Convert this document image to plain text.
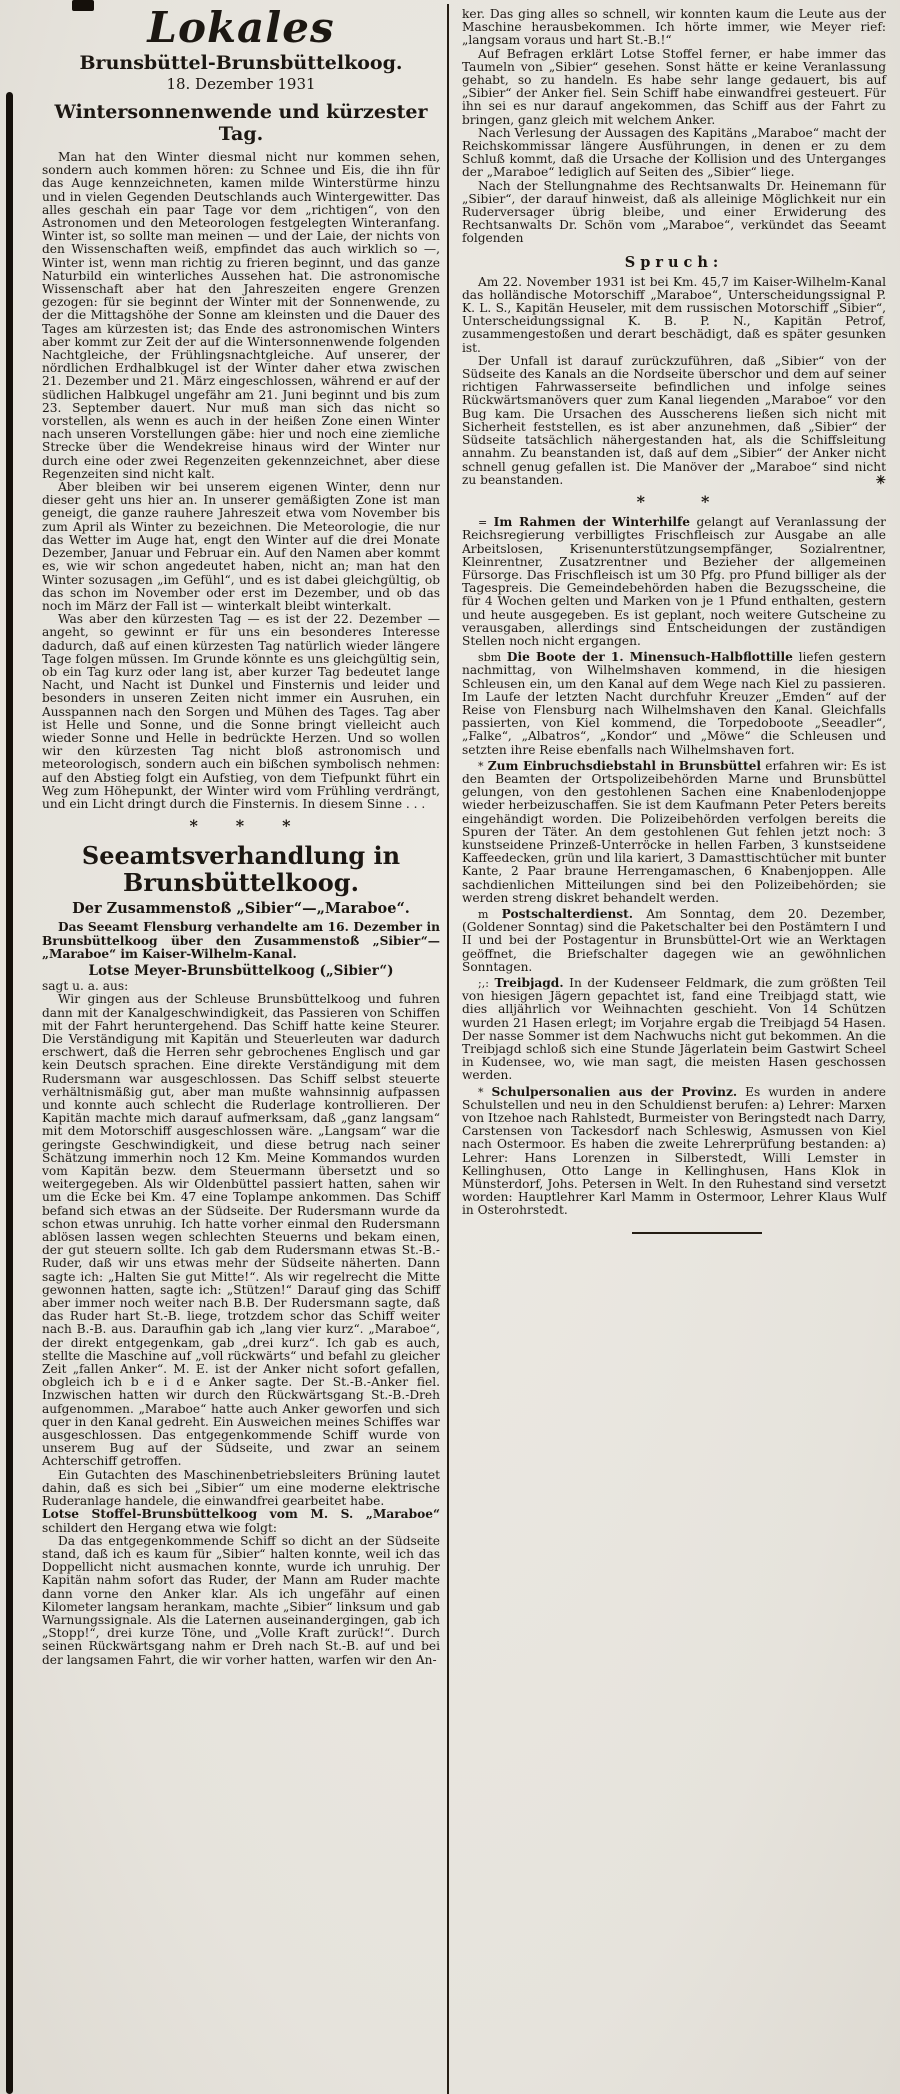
Lokales
Brunsbüttel-Brunsbüttelkoog.
18. Dezember 1931
Wintersonnenwende und kürzester Tag.

Man hat den Winter diesmal nicht nur kommen sehen, sondern auch kommen hören: zu Schnee und Eis, die ihn für das Auge kennzeichneten, kamen milde Winterstürme hinzu und in vielen Gegenden Deutschlands auch Wintergewitter. Das alles geschah ein paar Tage vor dem „richtigen“, von den Astronomen und den Meteorologen festgelegten Winteranfang. Winter ist, so sollte man meinen — und der Laie, der nichts von den Wissenschaften weiß, empfindet das auch wirklich so —, Winter ist, wenn man richtig zu frieren beginnt, und das ganze Naturbild ein winterliches Aussehen hat. Die astronomische Wissenschaft aber hat den Jahreszeiten engere Grenzen gezogen: für sie beginnt der Winter mit der Sonnenwende, zu der die Mittagshöhe der Sonne am kleinsten und die Dauer des Tages am kürzesten ist; das Ende des astronomischen Winters aber kommt zur Zeit der auf die Wintersonnenwende folgenden Nachtgleiche, der Frühlingsnachtgleiche. Auf unserer, der nördlichen Erdhalbkugel ist der Winter daher etwa zwischen 21. Dezember und 21. März eingeschlossen, während er auf der südlichen Halbkugel ungefähr am 21. Juni beginnt und bis zum 23. September dauert. Nur muß man sich das nicht so vorstellen, als wenn es auch in der heißen Zone einen Winter nach unseren Vorstellungen gäbe: hier und noch eine ziemliche Strecke über die Wendekreise hinaus wird der Winter nur durch eine oder zwei Regenzeiten gekennzeichnet, aber diese Regenzeiten sind nicht kalt.

Aber bleiben wir bei unserem eigenen Winter, denn nur dieser geht uns hier an. In unserer gemäßigten Zone ist man geneigt, die ganze rauhere Jahreszeit etwa vom November bis zum April als Winter zu bezeichnen. Die Meteorologie, die nur das Wetter im Auge hat, engt den Winter auf die drei Monate Dezember, Januar und Februar ein. Auf den Namen aber kommt es, wie wir schon angedeutet haben, nicht an; man hat den Winter sozusagen „im Gefühl“, und es ist dabei gleichgültig, ob das schon im November oder erst im Dezember, und ob das noch im März der Fall ist — winterkalt bleibt winterkalt.

Was aber den kürzesten Tag — es ist der 22. Dezember — angeht, so gewinnt er für uns ein besonderes Interesse dadurch, daß auf einen kürzesten Tag natürlich wieder längere Tage folgen müssen. Im Grunde könnte es uns gleichgültig sein, ob ein Tag kurz oder lang ist, aber kurzer Tag bedeutet lange Nacht, und Nacht ist Dunkel und Finsternis und leider und besonders in unseren Zeiten nicht immer ein Ausruhen, ein Ausspannen nach den Sorgen und Mühen des Tages. Tag aber ist Helle und Sonne, und die Sonne bringt vielleicht auch wieder Sonne und Helle in bedrückte Herzen. Und so wollen wir den kürzesten Tag nicht bloß astronomisch und meteorologisch, sondern auch ein bißchen symbolisch nehmen: auf den Abstieg folgt ein Aufstieg, von dem Tiefpunkt führt ein Weg zum Höhepunkt, der Winter wird vom Frühling verdrängt, und ein Licht dringt durch die Finsternis. In diesem Sinne . . .

*  *  *

Seeamtsverhandlung in Brunsbüttelkoog.
Der Zusammenstoß „Sibier“—„Maraboe“.

Das Seeamt Flensburg verhandelte am 16. Dezember in Brunsbüttelkoog über den Zusammenstoß „Sibier“— „Maraboe“ im Kaiser-Wilhelm-Kanal.

Lotse Meyer-Brunsbüttelkoog („Sibier“)

sagt u. a. aus:

Wir gingen aus der Schleuse Brunsbüttelkoog und fuhren dann mit der Kanalgeschwindigkeit, das Passieren von Schiffen mit der Fahrt heruntergehend. Das Schiff hatte keine Steurer. Die Verständigung mit Kapitän und Steuerleuten war dadurch erschwert, daß die Herren sehr gebrochenes Englisch und gar kein Deutsch sprachen. Eine direkte Verständigung mit dem Rudersmann war ausgeschlossen. Das Schiff selbst steuerte verhältnismäßig gut, aber man mußte wahnsinnig aufpassen und konnte auch schlecht die Ruderlage kontrollieren. Der Kapitän machte mich darauf aufmerksam, daß „ganz langsam“ mit dem Motorschiff ausgeschlossen wäre. „Langsam“ war die geringste Geschwindigkeit, und diese betrug nach seiner Schätzung immerhin noch 12 Km. Meine Kommandos wurden vom Kapitän bezw. dem Steuermann übersetzt und so weitergegeben. Als wir Oldenbüttel passiert hatten, sahen wir um die Ecke bei Km. 47 eine Toplampe ankommen. Das Schiff befand sich etwas an der Südseite. Der Rudersmann wurde da schon etwas unruhig. Ich hatte vorher einmal den Rudersmann ablösen lassen wegen schlechten Steuerns und bekam einen, der gut steuern sollte. Ich gab dem Rudersmann etwas St.-B.-Ruder, daß wir uns etwas mehr der Südseite näherten. Dann sagte ich: „Halten Sie gut Mitte!“. Als wir regelrecht die Mitte gewonnen hatten, sagte ich: „Stützen!“ Darauf ging das Schiff aber immer noch weiter nach B.B. Der Rudersmann sagte, daß das Ruder hart St.-B. liege, trotzdem schor das Schiff weiter nach B.-B. aus. Daraufhin gab ich „lang vier kurz“. „Maraboe“, der direkt entgegenkam, gab „drei kurz“. Ich gab es auch, stellte die Maschine auf „voll rückwärts“ und befahl zu gleicher Zeit „fallen Anker“. M. E. ist der Anker nicht sofort gefallen, obgleich ich b e i d e Anker sagte. Der St.-B.-Anker fiel. Inzwischen hatten wir durch den Rückwärtsgang St.-B.-Dreh aufgenommen. „Maraboe“ hatte auch Anker geworfen und sich quer in den Kanal gedreht. Ein Ausweichen meines Schiffes war ausgeschlossen. Das entgegenkommende Schiff wurde von unserem Bug auf der Südseite, und zwar an seinem Achterschiff getroffen.

Ein Gutachten des Maschinenbetriebsleiters Brüning lautet dahin, daß es sich bei „Sibier“ um eine moderne elektrische Ruderanlage handele, die einwandfrei gearbeitet habe.

Lotse Stoffel-Brunsbüttelkoog vom M. S. „Maraboe“ schildert den Hergang etwa wie folgt:

Da das entgegenkommende Schiff so dicht an der Südseite stand, daß ich es kaum für „Sibier“ halten konnte, weil ich das Doppellicht nicht ausmachen konnte, wurde ich unruhig. Der Kapitän nahm sofort das Ruder, der Mann am Ruder machte dann vorne den Anker klar. Als ich ungefähr auf einen Kilometer langsam herankam, machte „Sibier“ linksum und gab Warnungssignale. Als die Laternen auseinandergingen, gab ich „Stopp!“, drei kurze Töne, und „Volle Kraft zurück!“. Durch seinen Rückwärtsgang nahm er Dreh nach St.-B. auf und bei der langsamen Fahrt, die wir vorher hatten, warfen wir den An-

ker. Das ging alles so schnell, wir konnten kaum die Leute aus der Maschine herausbekommen. Ich hörte immer, wie Meyer rief: „langsam voraus und hart St.-B.!“

Auf Befragen erklärt Lotse Stoffel ferner, er habe immer das Taumeln von „Sibier“ gesehen. Sonst hätte er keine Veranlassung gehabt, so zu handeln. Es habe sehr lange gedauert, bis auf „Sibier“ der Anker fiel. Sein Schiff habe einwandfrei gesteuert. Für ihn sei es nur darauf angekommen, das Schiff aus der Fahrt zu bringen, ganz gleich mit welchem Anker.

Nach Verlesung der Aussagen des Kapitäns „Maraboe“ macht der Reichskommissar längere Ausführungen, in denen er zu dem Schluß kommt, daß die Ursache der Kollision und des Unterganges der „Maraboe“ lediglich auf Seiten des „Sibier“ liege.

Nach der Stellungnahme des Rechtsanwalts Dr. Heinemann für „Sibier“, der darauf hinweist, daß als alleinige Möglichkeit nur ein Ruderversager übrig bleibe, und einer Erwiderung des Rechtsanwalts Dr. Schön vom „Maraboe“, verkündet das Seeamt folgenden

Spruch:

Am 22. November 1931 ist bei Km. 45,7 im Kaiser-Wilhelm-Kanal das holländische Motorschiff „Maraboe“, Unterscheidungssignal P. K. L. S., Kapitän Heuseler, mit dem russischen Motorschiff „Sibier“, Unterscheidungssignal K. B. P. N., Kapitän Petrof, zusammengestoßen und derart beschädigt, daß es später gesunken ist.

Der Unfall ist darauf zurückzuführen, daß „Sibier“ von der Südseite des Kanals an die Nordseite überschor und dem auf seiner richtigen Fahrwasserseite befindlichen und infolge seines Rückwärtsmanövers quer zum Kanal liegenden „Maraboe“ vor den Bug kam. Die Ursachen des Ausscherens ließen sich nicht mit Sicherheit feststellen, es ist aber anzunehmen, daß „Sibier“ der Südseite tatsächlich nähergestanden hat, als die Schiffsleitung annahm. Zu beanstanden ist, daß auf dem „Sibier“ der Anker nicht schnell genug gefallen ist. Die Manöver der „Maraboe“ sind nicht zu beanstanden.	✳

*   *

= Im Rahmen der Winterhilfe gelangt auf Veranlassung der Reichsregierung verbilligtes Frischfleisch zur Ausgabe an alle Arbeitslosen, Krisenunterstützungsempfänger, Sozialrentner, Kleinrentner, Zusatzrentner und Bezieher der allgemeinen Fürsorge. Das Frischfleisch ist um 30 Pfg. pro Pfund billiger als der Tagespreis. Die Gemeindebehörden haben die Bezugsscheine, die für 4 Wochen gelten und Marken von je 1 Pfund enthalten, gestern und heute ausgegeben. Es ist geplant, noch weitere Gutscheine zu verausgaben, allerdings sind Entscheidungen der zuständigen Stellen noch nicht ergangen.

sbm Die Boote der 1. Minensuch-Halbflottille liefen gestern nachmittag, von Wilhelmshaven kommend, in die hiesigen Schleusen ein, um den Kanal auf dem Wege nach Kiel zu passieren. Im Laufe der letzten Nacht durchfuhr Kreuzer „Emden“ auf der Reise von Flensburg nach Wilhelmshaven den Kanal. Gleichfalls passierten, von Kiel kommend, die Torpedoboote „Seeadler“, „Falke“, „Albatros“, „Kondor“ und „Möwe“ die Schleusen und setzten ihre Reise ebenfalls nach Wilhelmshaven fort.

* Zum Einbruchsdiebstahl in Brunsbüttel erfahren wir: Es ist den Beamten der Ortspolizeibehörden Marne und Brunsbüttel gelungen, von den gestohlenen Sachen eine Knabenlodenjoppe wieder herbeizuschaffen. Sie ist dem Kaufmann Peter Peters bereits eingehändigt worden. Die Polizeibehörden verfolgen bereits die Spuren der Täter. An dem gestohlenen Gut fehlen jetzt noch: 3 kunstseidene Prinzeß-Unterröcke in hellen Farben, 3 kunstseidene Kaffeedecken, grün und lila kariert, 3 Damasttischtücher mit bunter Kante, 2 Paar braune Herrengamaschen, 6 Knabenjoppen. Alle sachdienlichen Mitteilungen sind bei den Polizeibehörden; sie werden streng diskret behandelt werden.

m Postschalterdienst. Am Sonntag, dem 20. Dezember, (Goldener Sonntag) sind die Paketschalter bei den Postämtern I und II und bei der Postagentur in Brunsbüttel-Ort wie an Werktagen geöffnet, die Briefschalter dagegen wie an gewöhnlichen Sonntagen.

;,: Treibjagd. In der Kudenseer Feldmark, die zum größten Teil von hiesigen Jägern gepachtet ist, fand eine Treibjagd statt, wie dies alljährlich vor Weihnachten geschieht. Von 14 Schützen wurden 21 Hasen erlegt; im Vorjahre ergab die Treibjagd 54 Hasen. Der nasse Sommer ist dem Nachwuchs nicht gut bekommen. An die Treibjagd schloß sich eine Stunde Jägerlatein beim Gastwirt Scheel in Kudensee, wo, wie man sagt, die meisten Hasen geschossen werden.

* Schulpersonalien aus der Provinz. Es wurden in andere Schulstellen und neu in den Schuldienst berufen: a) Lehrer: Marxen von Itzehoe nach Rahlstedt, Burmeister von Beringstedt nach Darry, Carstensen von Tackesdorf nach Schleswig, Asmussen von Kiel nach Ostermoor. Es haben die zweite Lehrerprüfung bestanden: a) Lehrer: Hans Lorenzen in Silberstedt, Willi Lemster in Kellinghusen, Otto Lange in Kellinghusen, Hans Klok in Münsterdorf, Johs. Petersen in Welt. In den Ruhestand sind versetzt worden: Hauptlehrer Karl Mamm in Ostermoor, Lehrer Klaus Wulf in Osterohrstedt.
